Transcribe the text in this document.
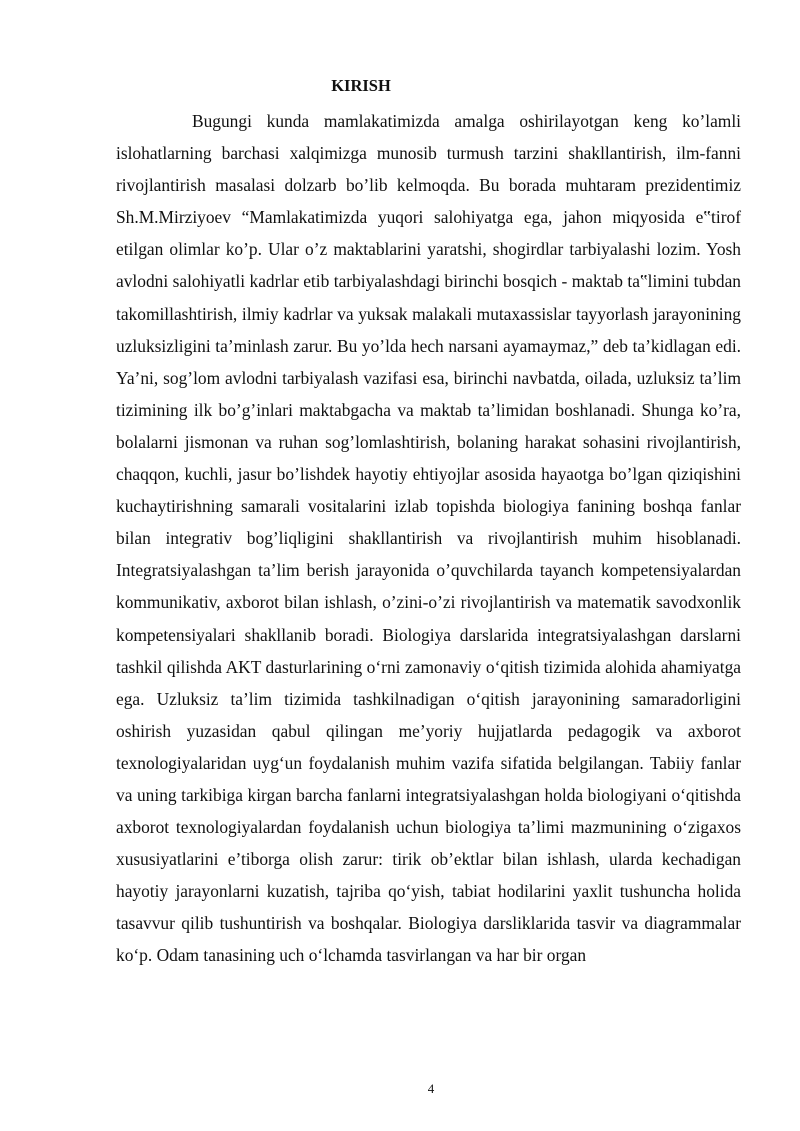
KIRISH

Bugungi kunda mamlakatimizda amalga oshirilayotgan keng ko’lamli islohatlarning barchasi xalqimizga munosib turmush tarzini shakllantirish, ilm-fanni rivojlantirish masalasi dolzarb bo’lib kelmoqda. Bu borada muhtaram prezidentimiz Sh.M.Mirziyoev “Mamlakatimizda yuqori salohiyatga ega, jahon miqyosida e‟tirof etilgan olimlar ko’p. Ular o’z maktablarini yaratshi, shogirdlar tarbiyalashi lozim. Yosh avlodni salohiyatli kadrlar etib tarbiyalashdagi birinchi bosqich - maktab ta‟limini tubdan takomillashtirish, ilmiy kadrlar va yuksak malakali mutaxassislar tayyorlash jarayonining uzluksizligini ta’minlash zarur. Bu yo’lda hech narsani ayamaymaz,” deb ta’kidlagan edi. Ya’ni, sog’lom avlodni tarbiyalash vazifasi esa, birinchi navbatda, oilada, uzluksiz ta’lim tizimining ilk bo’g’inlari maktabgacha va maktab ta’limidan boshlanadi. Shunga ko’ra, bolalarni jismonan va ruhan sog’lomlashtirish, bolaning harakat sohasini rivojlantirish, chaqqon, kuchli, jasur bo’lishdek hayotiy ehtiyojlar asosida hayaotga bo’lgan qiziqishini kuchaytirishning samarali vositalarini izlab topishda biologiya fanining boshqa fanlar bilan integrativ bog’liqligini shakllantirish va rivojlantirish muhim hisoblanadi. Integratsiyalashgan ta’lim berish jarayonida o’quvchilarda tayanch kompetensiyalardan kommunikativ, axborot bilan ishlash, o’zini-o’zi rivojlantirish va matematik savodxonlik kompetensiyalari shakllanib boradi. Biologiya darslarida integratsiyalashgan darslarni tashkil qilishda AKT dasturlarining o‘rni zamonaviy o‘qitish tizimida alohida ahamiyatga ega. Uzluksiz ta’lim tizimida tashkilnadigan o‘qitish jarayonining samaradorligini oshirish yuzasidan qabul qilingan me’yoriy hujjatlarda pedagogik va axborot texnologiyalaridan uyg‘un foydalanish muhim vazifa sifatida belgilangan. Tabiiy fanlar va uning tarkibiga kirgan barcha fanlarni integratsiyalashgan holda biologiyani o‘qitishda axborot texnologiyalardan foydalanish uchun biologiya ta’limi mazmunining o‘zigaxos xususiyatlarini e’tiborga olish zarur: tirik ob’ektlar bilan ishlash, ularda kechadigan hayotiy jarayonlarni kuzatish, tajriba qo‘yish, tabiat hodilarini yaxlit tushuncha holida tasavvur qilib tushuntirish va boshqalar. Biologiya darsliklarida tasvir va diagrammalar ko‘p. Odam tanasining uch o‘lchamda tasvirlangan va har bir organ

4
